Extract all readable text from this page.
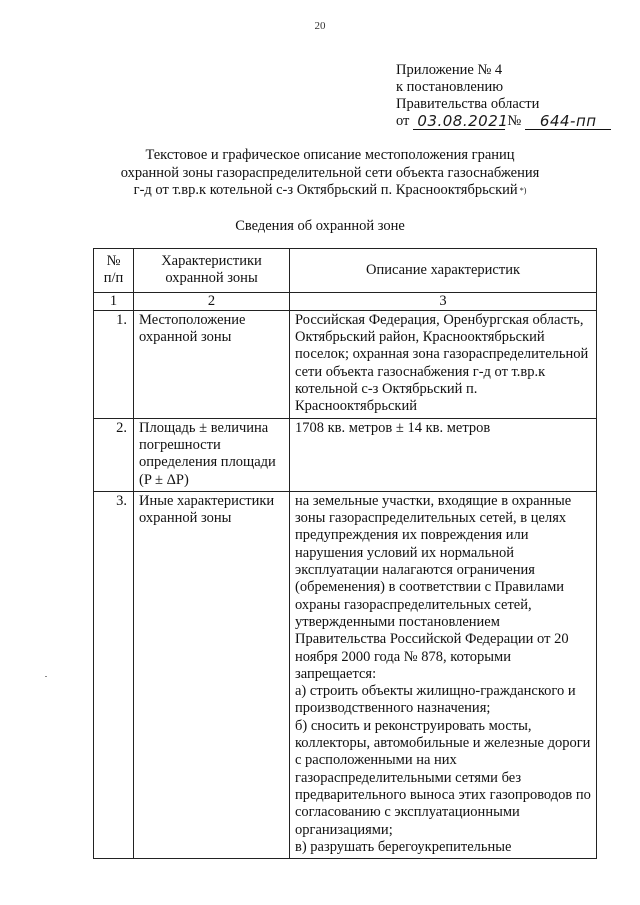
20
Приложение № 4
к постановлению
Правительства области
от 03.08.2021 №	644-пп
Текстовое и графическое описание местоположения границ
охранной зоны газораспределительной сети объекта газоснабжения
г-д от т.вр.к котельной с-з Октябрьский п. Краснооктябрьский *)
Сведения об охранной зоне
№ п/п	Характеристики охранной зоны	Описание характеристик
1	2	3
1.	Местоположение охранной зоны	Российская Федерация, Оренбургская область, Октябрьский район, Краснооктябрьский поселок; охранная зона газораспределительной сети объекта газоснабжения г-д от т.вр.к котельной с-з Октябрьский п. Краснооктябрьский
2.	Площадь ± величина погрешности определения площади (P ± ΔP)	1708 кв. метров ± 14 кв. метров
3.	Иные характеристики охранной зоны	на земельные участки, входящие в охранные зоны газораспределительных сетей, в целях предупреждения их повреждения или нарушения условий их нормальной эксплуатации налагаются ограничения (обременения) в соответствии с Правилами охраны газораспределительных сетей, утвержденными постановлением Правительства Российской Федерации от 20 ноября 2000 года № 878, которыми запрещается:
а) строить объекты жилищно-гражданского и производственного назначения;
б) сносить и реконструировать мосты, коллекторы, автомобильные и железные дороги с расположенными на них газораспределительными сетями без предварительного выноса этих газопроводов по согласованию с эксплуатационными организациями;
в) разрушать берегоукрепительные
